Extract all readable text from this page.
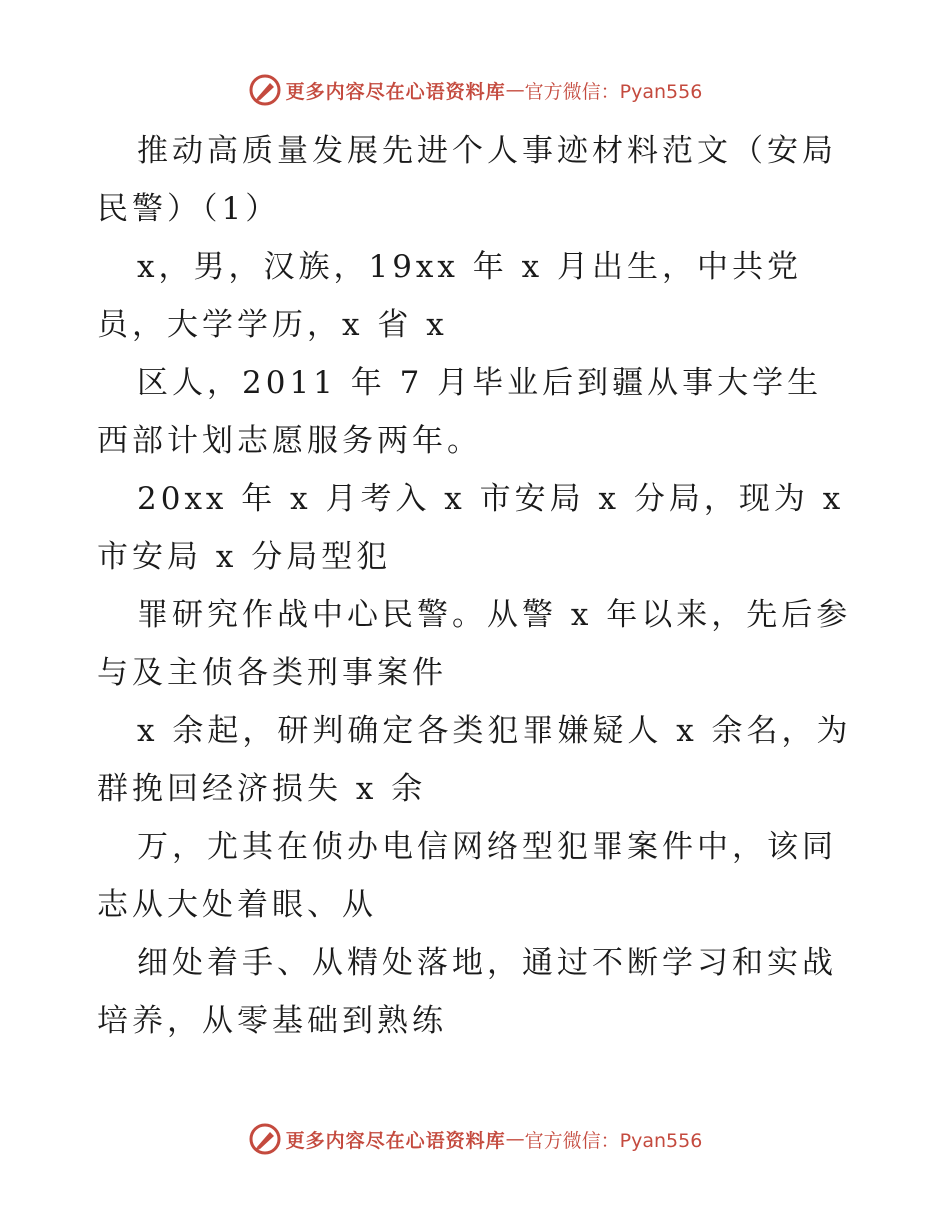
更多内容尽在心语资料库 — 官方微信：Pyan556

推动高质量发展先进个人事迹材料范文（安局民警）（1）

x，男，汉族，19xx 年 x 月出生，中共党员，大学学历，x 省 x

区人，2011 年 7 月毕业后到疆从事大学生西部计划志愿服务两年。

20xx 年 x 月考入 x 市安局 x 分局，现为 x 市安局 x 分局型犯

罪研究作战中心民警。从警 x 年以来，先后参与及主侦各类刑事案件

x 余起，研判确定各类犯罪嫌疑人 x 余名，为群挽回经济损失 x 余

万，尤其在侦办电信网络型犯罪案件中，该同志从大处着眼、从

细处着手、从精处落地，通过不断学习和实战培养，从零基础到熟练

更多内容尽在心语资料库 — 官方微信：Pyan556
